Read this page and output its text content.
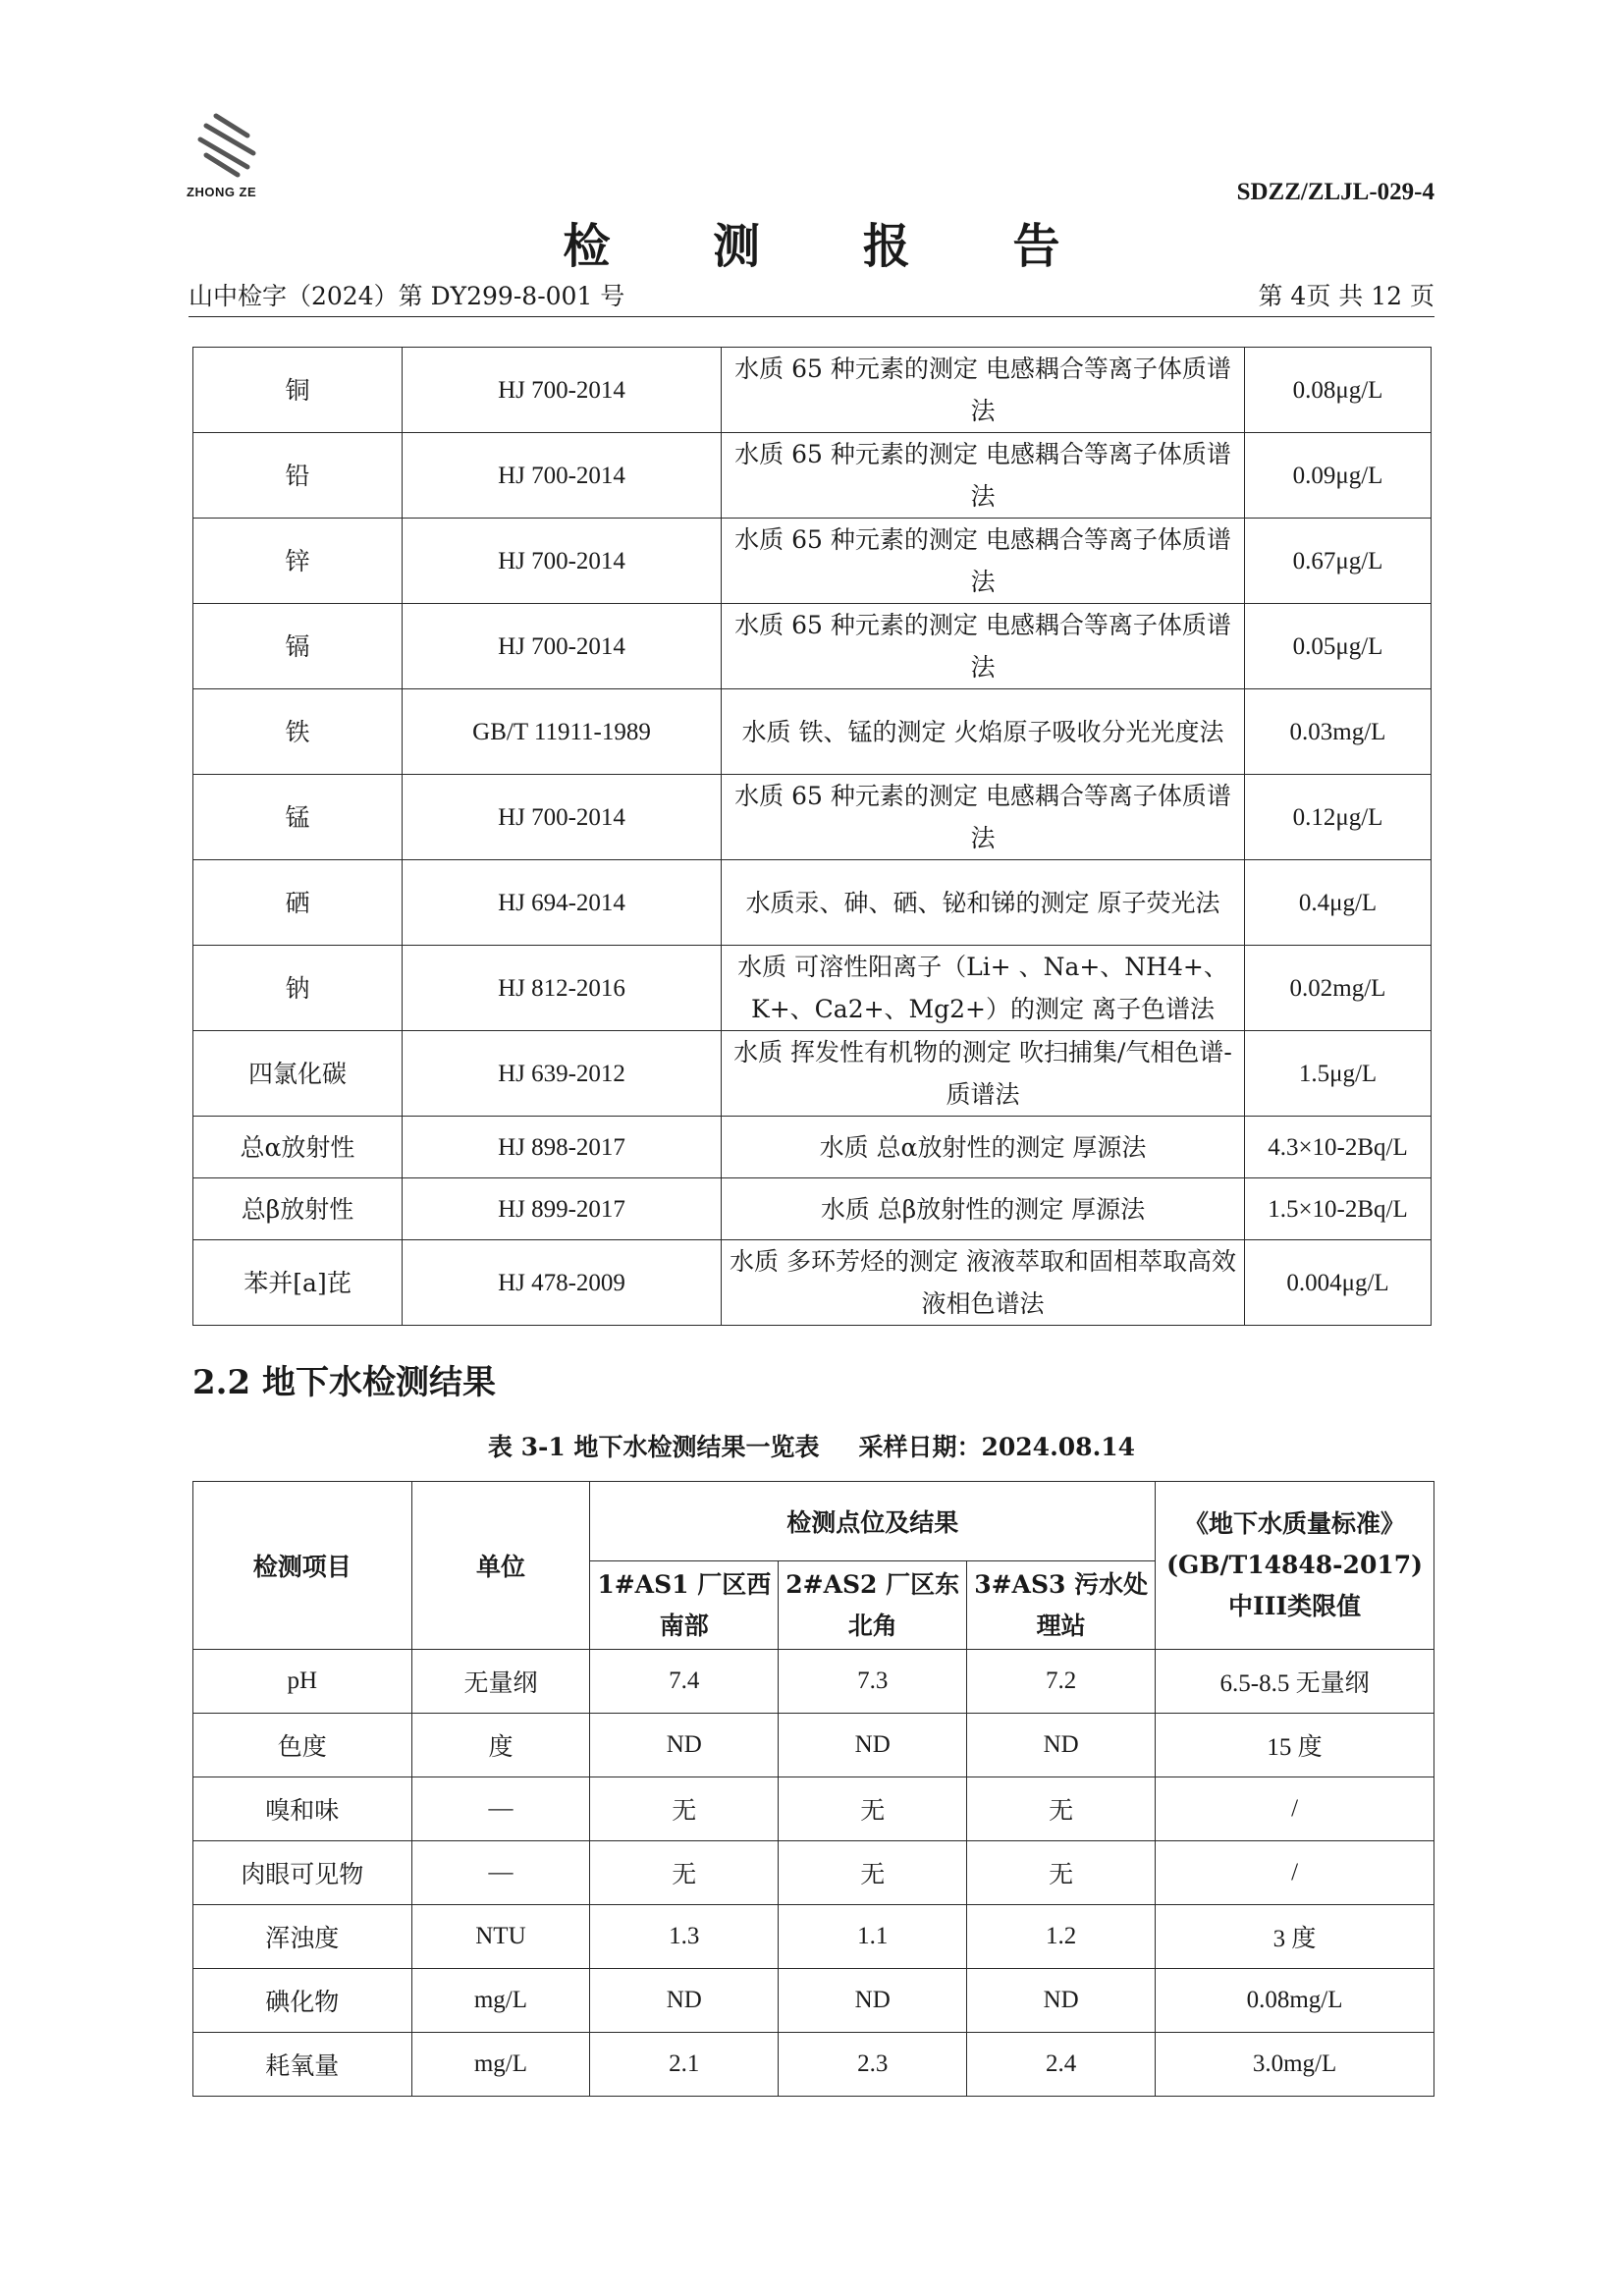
ZHONG ZE	SDZZ/ZLJL-029-4
检 测 报 告
山中检字（2024）第 DY299-8-001 号	第 4页 共 12 页
铜	HJ 700-2014	水质 65 种元素的测定 电感耦合等离子体质谱法	0.08μg/L
铅	HJ 700-2014	水质 65 种元素的测定 电感耦合等离子体质谱法	0.09μg/L
锌	HJ 700-2014	水质 65 种元素的测定 电感耦合等离子体质谱法	0.67μg/L
镉	HJ 700-2014	水质 65 种元素的测定 电感耦合等离子体质谱法	0.05μg/L
铁	GB/T 11911-1989	水质 铁、锰的测定 火焰原子吸收分光光度法	0.03mg/L
锰	HJ 700-2014	水质 65 种元素的测定 电感耦合等离子体质谱法	0.12μg/L
硒	HJ 694-2014	水质汞、砷、硒、铋和锑的测定 原子荧光法	0.4μg/L
钠	HJ 812-2016	水质 可溶性阳离子（Li+ 、Na+、NH4+、K+、Ca2+、Mg2+）的测定 离子色谱法	0.02mg/L
四氯化碳	HJ 639-2012	水质 挥发性有机物的测定 吹扫捕集/气相色谱-质谱法	1.5μg/L
总α放射性	HJ 898-2017	水质 总α放射性的测定 厚源法	4.3×10-2Bq/L
总β放射性	HJ 899-2017	水质 总β放射性的测定 厚源法	1.5×10-2Bq/L
苯并[a]芘	HJ 478-2009	水质 多环芳烃的测定 液液萃取和固相萃取高效液相色谱法	0.004μg/L
2.2 地下水检测结果
表 3-1 地下水检测结果一览表 采样日期：2024.08.14
检测项目	单位	检测点位及结果			《地下水质量标准》(GB/T14848-2017)中III类限值
		1#AS1 厂区西南部	2#AS2 厂区东北角	3#AS3 污水处理站	
pH	无量纲	7.4	7.3	7.2	6.5-8.5 无量纲
色度	度	ND	ND	ND	15 度
嗅和味	—	无	无	无	/
肉眼可见物	—	无	无	无	/
浑浊度	NTU	1.3	1.1	1.2	3 度
碘化物	mg/L	ND	ND	ND	0.08mg/L
耗氧量	mg/L	2.1	2.3	2.4	3.0mg/L
